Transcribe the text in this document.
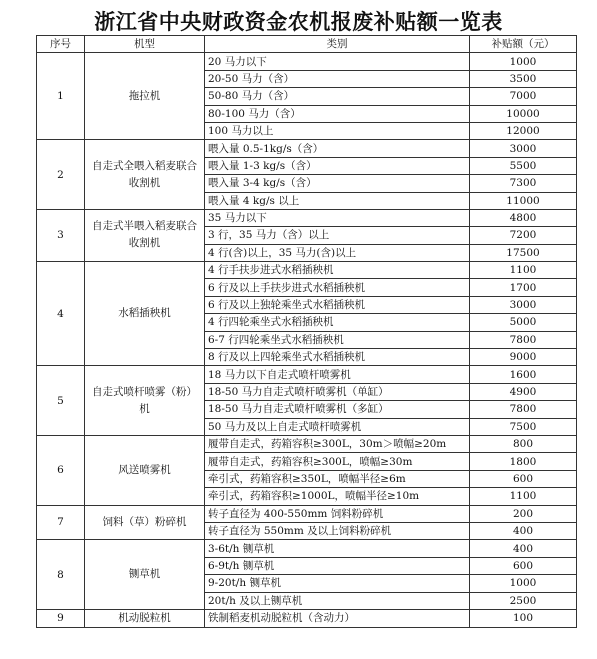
浙江省中央财政资金农机报废补贴额一览表
序号	机型	类别	补贴额（元）
1	拖拉机	20 马力以下	1000
		20-50 马力（含）	3500
		50-80 马力（含）	7000
		80-100 马力（含）	10000
		100 马力以上	12000
2	自走式全喂入稻麦联合收割机	喂入量 0.5-1kg/s（含）	3000
		喂入量 1-3 kg/s（含）	5500
		喂入量 3-4 kg/s（含）	7300
		喂入量 4 kg/s 以上	11000
3	自走式半喂入稻麦联合收割机	35 马力以下	4800
		3 行，35 马力（含）以上	7200
		4 行(含)以上，35 马力(含)以上	17500
4	水稻插秧机	4 行手扶步进式水稻插秧机	1100
		6 行及以上手扶步进式水稻插秧机	1700
		6 行及以上独轮乘坐式水稻插秧机	3000
		4 行四轮乘坐式水稻插秧机	5000
		6-7 行四轮乘坐式水稻插秧机	7800
		8 行及以上四轮乘坐式水稻插秧机	9000
5	自走式喷杆喷雾（粉）机	18 马力以下自走式喷杆喷雾机	1600
		18-50 马力自走式喷杆喷雾机（单缸）	4900
		18-50 马力自走式喷杆喷雾机（多缸）	7800
		50 马力及以上自走式喷杆喷雾机	7500
6	风送喷雾机	履带自走式，药箱容积≥300L，30m＞喷幅≥20m	800
		履带自走式，药箱容积≥300L，喷幅≥30m	1800
		牵引式，药箱容积≥350L，喷幅半径≥6m	600
		牵引式，药箱容积≥1000L，喷幅半径≥10m	1100
7	饲料（草）粉碎机	转子直径为 400-550mm 饲料粉碎机	200
		转子直径为 550mm 及以上饲料粉碎机	400
8	铡草机	3-6t/h 铡草机	400
		6-9t/h 铡草机	600
		9-20t/h 铡草机	1000
		20t/h 及以上铡草机	2500
9	机动脱粒机	铁制稻麦机动脱粒机（含动力）	100
